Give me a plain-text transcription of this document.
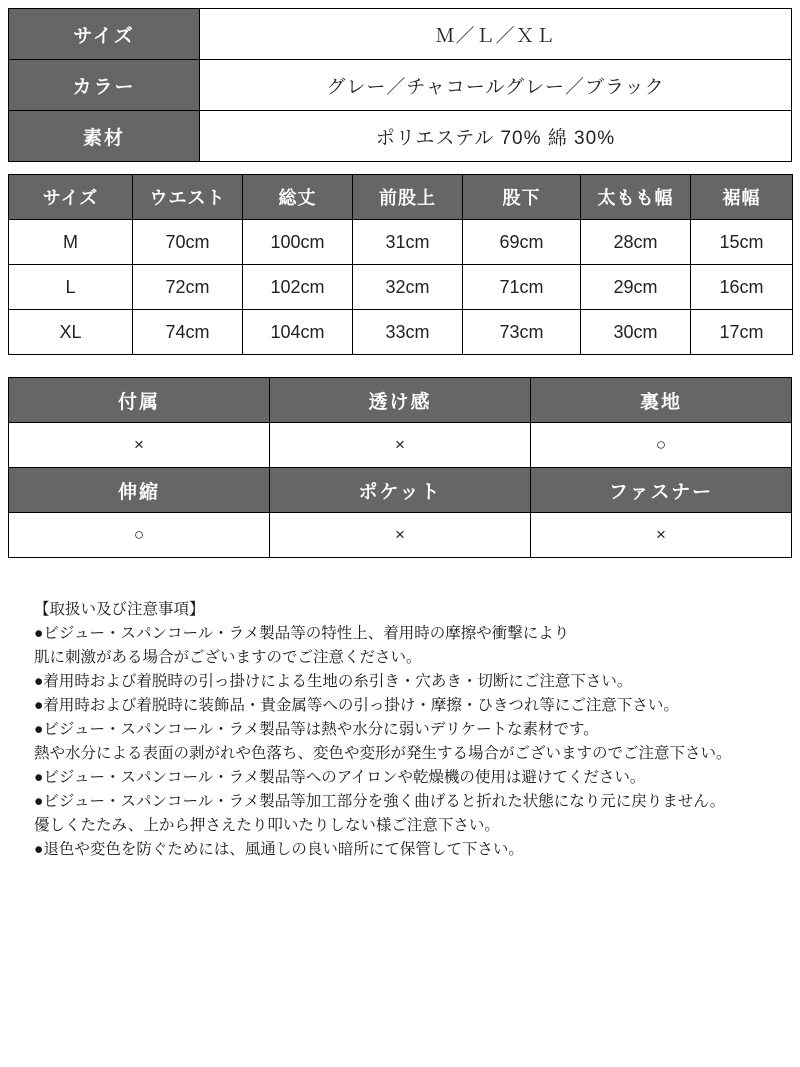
サイズ	Ｍ／Ｌ／ＸＬ
カラー	グレー／チャコールグレー／ブラック
素材	ポリエステル 70% 綿 30%
サイズ	ウエスト	総丈	前股上	股下	太もも幅	裾幅
M	70cm	100cm	31cm	69cm	28cm	15cm
L	72cm	102cm	32cm	71cm	29cm	16cm
XL	74cm	104cm	33cm	73cm	30cm	17cm
付属	透け感	裏地
×	×	○
伸縮	ポケット	ファスナー
○	×	×
【取扱い及び注意事項】
●ビジュー・スパンコール・ラメ製品等の特性上、着用時の摩擦や衝撃により
肌に刺激がある場合がございますのでご注意ください。
●着用時および着脱時の引っ掛けによる生地の糸引き・穴あき・切断にご注意下さい。
●着用時および着脱時に装飾品・貴金属等への引っ掛け・摩擦・ひきつれ等にご注意下さい。
●ビジュー・スパンコール・ラメ製品等は熱や水分に弱いデリケートな素材です。
熱や水分による表面の剥がれや色落ち、変色や変形が発生する場合がございますのでご注意下さい。
●ビジュー・スパンコール・ラメ製品等へのアイロンや乾燥機の使用は避けてください。
●ビジュー・スパンコール・ラメ製品等加工部分を強く曲げると折れた状態になり元に戻りません。
優しくたたみ、上から押さえたり叩いたりしない様ご注意下さい。
●退色や変色を防ぐためには、風通しの良い暗所にて保管して下さい。
